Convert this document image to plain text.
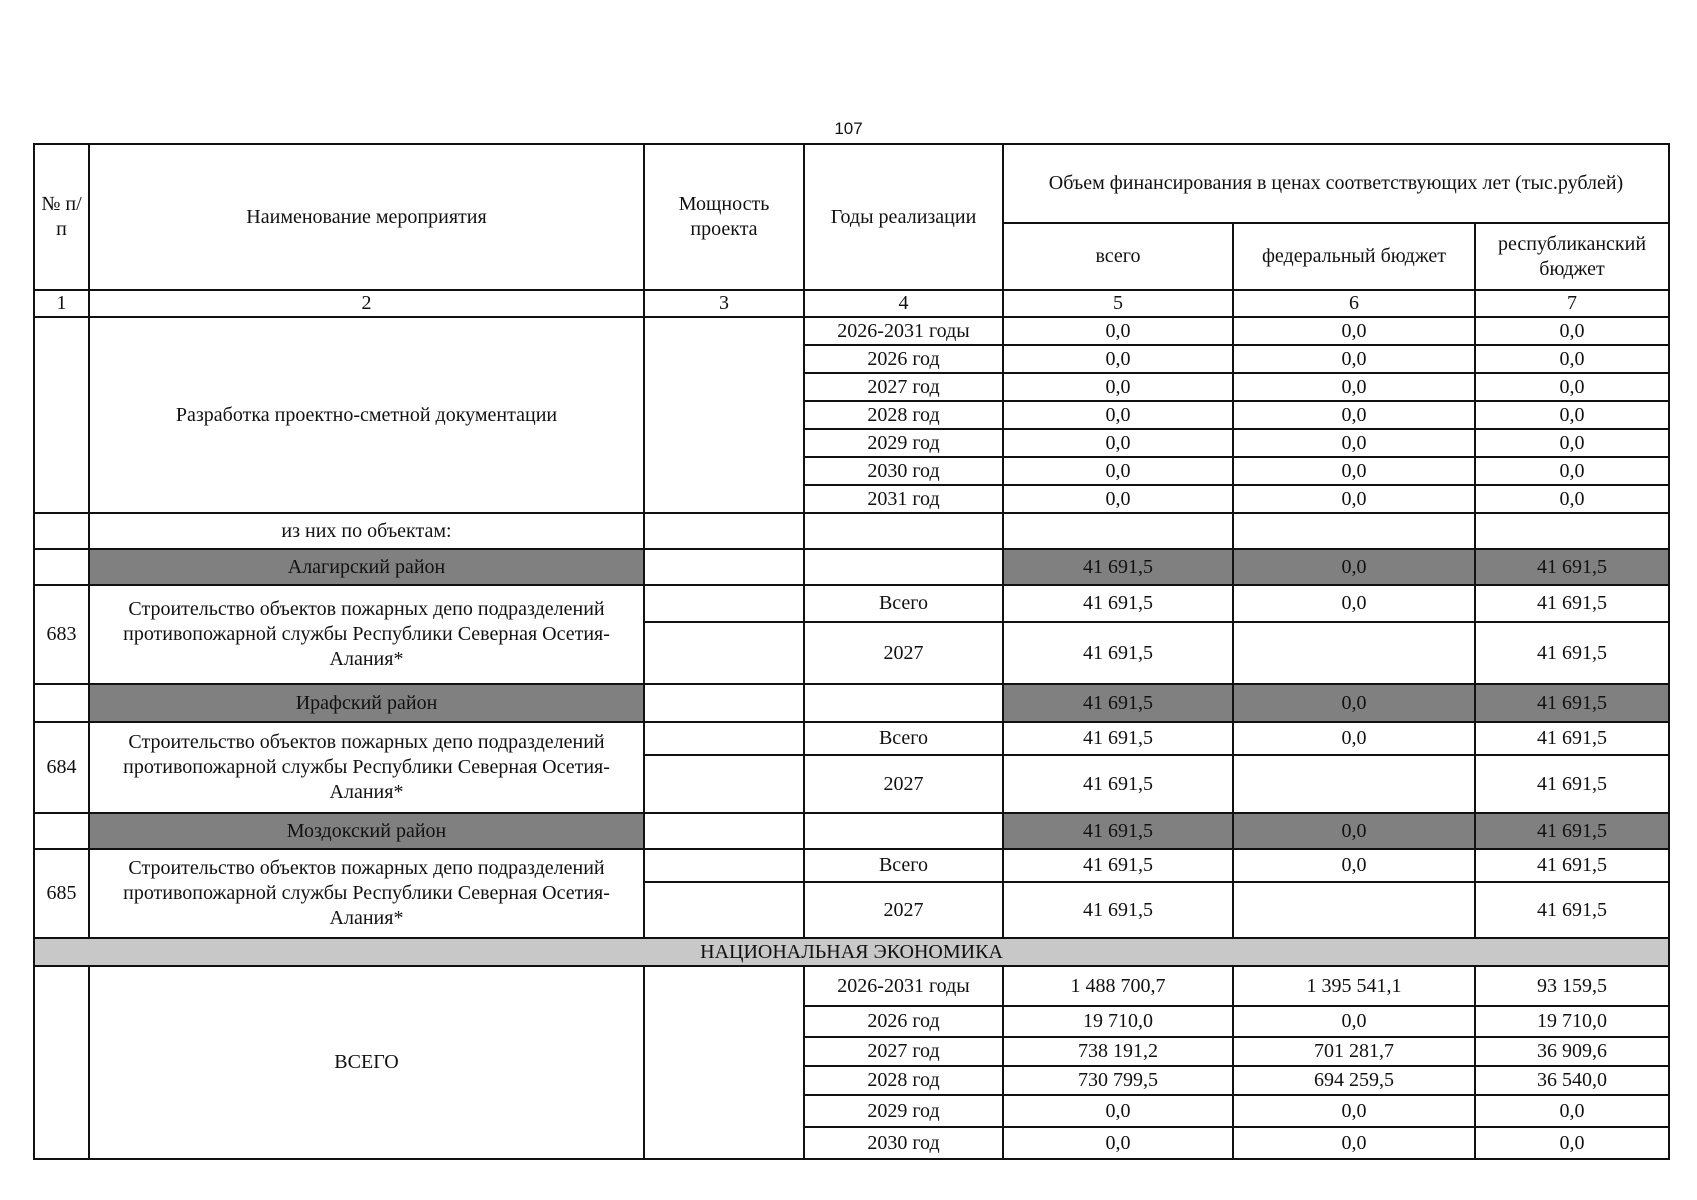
107
№ п/п	Наименование мероприятия	Мощность проекта	Годы реализации	Объем финансирования в ценах соответствующих лет (тыс.рублей)		
				всего	федеральный бюджет	республиканский бюджет
1	2	3	4	5	6	7
	Разработка проектно-сметной документации		2026-2031 годы	0,0	0,0	0,0
			2026 год	0,0	0,0	0,0
			2027 год	0,0	0,0	0,0
			2028 год	0,0	0,0	0,0
			2029 год	0,0	0,0	0,0
			2030 год	0,0	0,0	0,0
			2031 год	0,0	0,0	0,0
	из них по объектам:					
	Алагирский район			41 691,5	0,0	41 691,5
683	Строительство объектов пожарных депо подразделений противопожарной службы Республики Северная Осетия-Алания*		Всего	41 691,5	0,0	41 691,5
			2027	41 691,5		41 691,5
	Ирафский район			41 691,5	0,0	41 691,5
684	Строительство объектов пожарных депо подразделений противопожарной службы Республики Северная Осетия-Алания*		Всего	41 691,5	0,0	41 691,5
			2027	41 691,5		41 691,5
	Моздокский район			41 691,5	0,0	41 691,5
685	Строительство объектов пожарных депо подразделений противопожарной службы Республики Северная Осетия-Алания*		Всего	41 691,5	0,0	41 691,5
			2027	41 691,5		41 691,5
НАЦИОНАЛЬНАЯ ЭКОНОМИКА						
	ВСЕГО		2026-2031 годы	1 488 700,7	1 395 541,1	93 159,5
			2026 год	19 710,0	0,0	19 710,0
			2027 год	738 191,2	701 281,7	36 909,6
			2028 год	730 799,5	694 259,5	36 540,0
			2029 год	0,0	0,0	0,0
			2030 год	0,0	0,0	0,0
